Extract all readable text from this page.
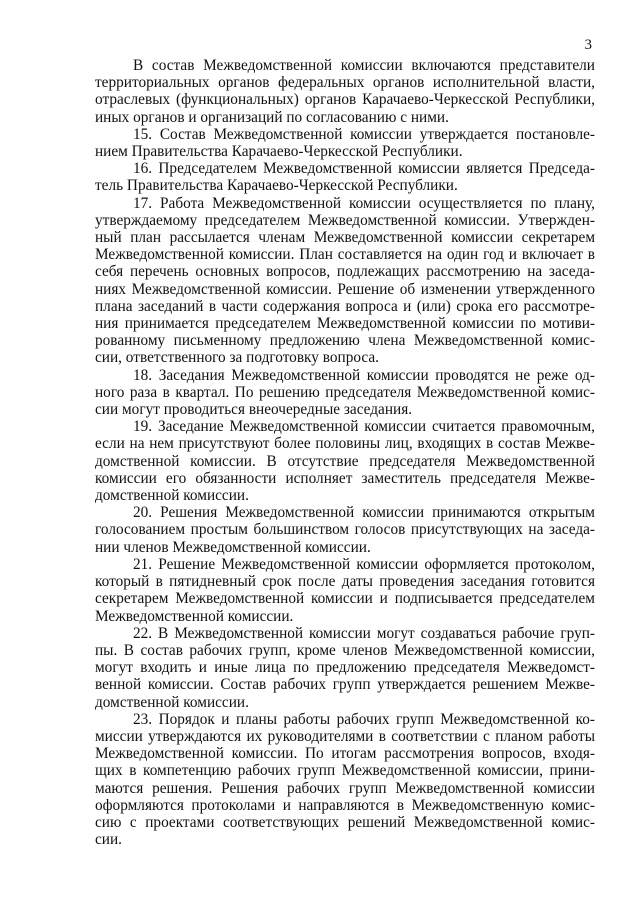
3

В состав Межведомственной комиссии включаются представители
территориальных органов федеральных органов исполнительной власти,
отраслевых (функциональных) органов Карачаево-Черкесской Республики,
иных органов и организаций по согласованию с ними.

15. Состав Межведомственной комиссии утверждается постановле-
нием Правительства Карачаево-Черкесской Республики.

16. Председателем Межведомственной комиссии является Председа-
тель Правительства Карачаево-Черкесской Республики.

17. Работа Межведомственной комиссии осуществляется по плану,
утверждаемому председателем Межведомственной комиссии. Утвержден-
ный план рассылается членам Межведомственной комиссии секретарем
Межведомственной комиссии. План составляется на один год и включает в
себя перечень основных вопросов, подлежащих рассмотрению на заседа-
ниях Межведомственной комиссии. Решение об изменении утвержденного
плана заседаний в части содержания вопроса и (или) срока его рассмотре-
ния принимается председателем Межведомственной комиссии по мотиви-
рованному письменному предложению члена Межведомственной комис-
сии, ответственного за подготовку вопроса.

18. Заседания Межведомственной комиссии проводятся не реже од-
ного раза в квартал. По решению председателя Межведомственной комис-
сии могут проводиться внеочередные заседания.

19. Заседание Межведомственной комиссии считается правомочным,
если на нем присутствуют более половины лиц, входящих в состав Межве-
домственной комиссии. В отсутствие председателя Межведомственной
комиссии его обязанности исполняет заместитель председателя Межве-
домственной комиссии.

20. Решения Межведомственной комиссии принимаются открытым
голосованием простым большинством голосов присутствующих на заседа-
нии членов Межведомственной комиссии.

21. Решение Межведомственной комиссии оформляется протоколом,
который в пятидневный срок после даты проведения заседания готовится
секретарем Межведомственной комиссии и подписывается председателем
Межведомственной комиссии.

22. В Межведомственной комиссии могут создаваться рабочие груп-
пы. В состав рабочих групп, кроме членов Межведомственной комиссии,
могут входить и иные лица по предложению председателя Межведомст-
венной комиссии. Состав рабочих групп утверждается решением Межве-
домственной комиссии.

23. Порядок и планы работы рабочих групп Межведомственной ко-
миссии утверждаются их руководителями в соответствии с планом работы
Межведомственной комиссии. По итогам рассмотрения вопросов, входя-
щих в компетенцию рабочих групп Межведомственной комиссии, прини-
маются решения. Решения рабочих групп Межведомственной комиссии
оформляются протоколами и направляются в Межведомственную комис-
сию с проектами соответствующих решений Межведомственной комис-
сии.
